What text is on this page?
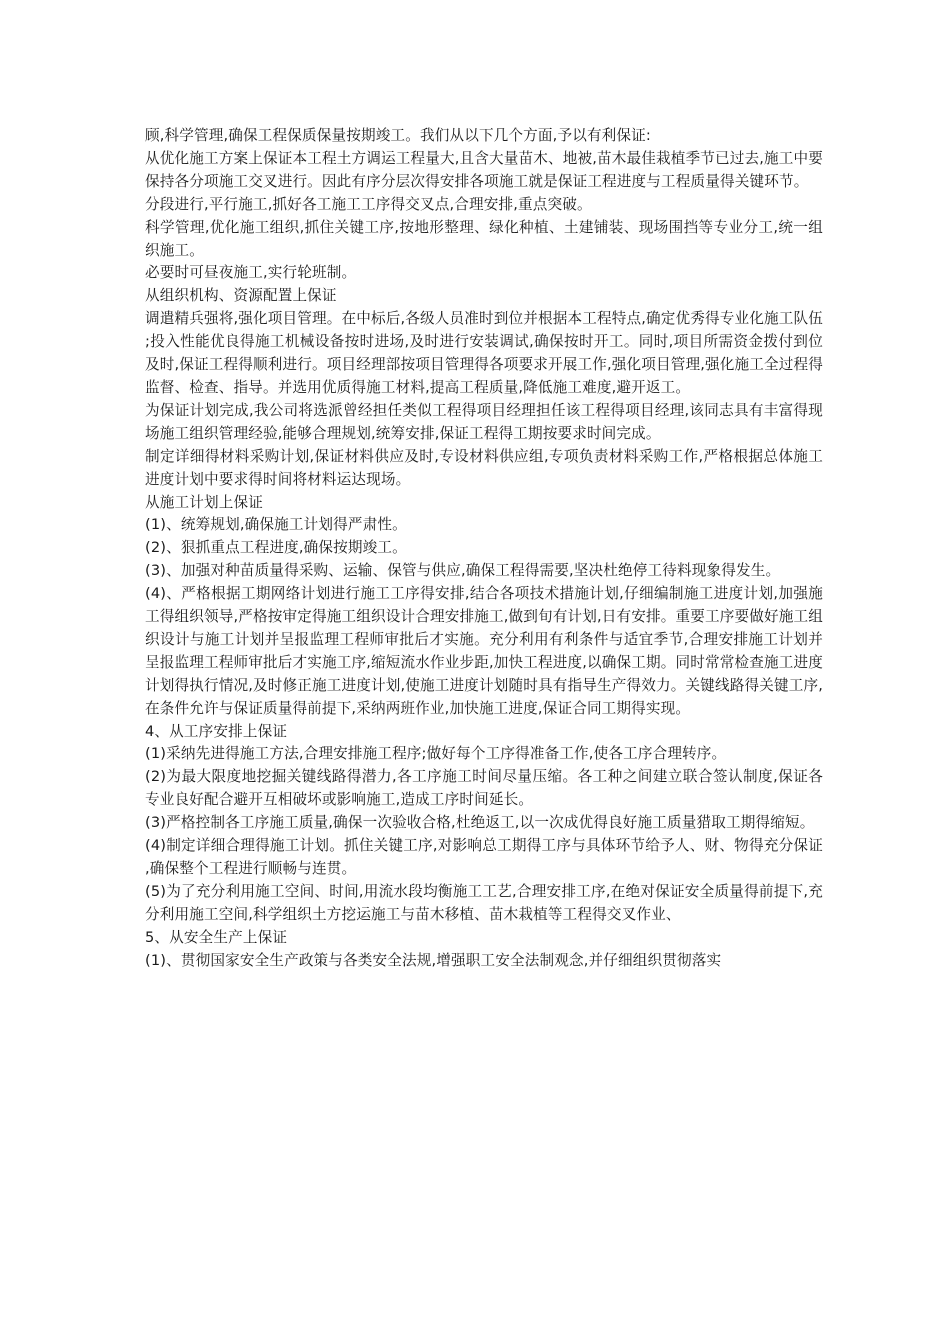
顾,科学管理,确保工程保质保量按期竣工。我们从以下几个方面,予以有利保证:

从优化施工方案上保证本工程土方调运工程量大,且含大量苗木、地被,苗木最佳栽植季节已过去,施工中要保持各分项施工交叉进行。因此有序分层次得安排各项施工就是保证工程进度与工程质量得关键环节。

分段进行,平行施工,抓好各工施工工序得交叉点,合理安排,重点突破。

科学管理,优化施工组织,抓住关键工序,按地形整理、绿化种植、土建铺装、现场围挡等专业分工,统一组织施工。

必要时可昼夜施工,实行轮班制。

从组织机构、资源配置上保证

调遣精兵强将,强化项目管理。在中标后,各级人员准时到位并根据本工程特点,确定优秀得专业化施工队伍;投入性能优良得施工机械设备按时进场,及时进行安装调试,确保按时开工。同时,项目所需资金拨付到位及时,保证工程得顺利进行。项目经理部按项目管理得各项要求开展工作,强化项目管理,强化施工全过程得监督、检查、指导。并选用优质得施工材料,提高工程质量,降低施工难度,避开返工。

为保证计划完成,我公司将选派曾经担任类似工程得项目经理担任该工程得项目经理,该同志具有丰富得现场施工组织管理经验,能够合理规划,统筹安排,保证工程得工期按要求时间完成。

制定详细得材料采购计划,保证材料供应及时,专设材料供应组,专项负责材料采购工作,严格根据总体施工进度计划中要求得时间将材料运达现场。

从施工计划上保证

(1)、统筹规划,确保施工计划得严肃性。

(2)、狠抓重点工程进度,确保按期竣工。

(3)、加强对种苗质量得采购、运输、保管与供应,确保工程得需要,坚决杜绝停工待料现象得发生。

(4)、严格根据工期网络计划进行施工工序得安排,结合各项技术措施计划,仔细编制施工进度计划,加强施工得组织领导,严格按审定得施工组织设计合理安排施工,做到旬有计划,日有安排。重要工序要做好施工组织设计与施工计划并呈报监理工程师审批后才实施。充分利用有利条件与适宜季节,合理安排施工计划并呈报监理工程师审批后才实施工序,缩短流水作业步距,加快工程进度,以确保工期。同时常常检查施工进度计划得执行情况,及时修正施工进度计划,使施工进度计划随时具有指导生产得效力。关键线路得关键工序,在条件允许与保证质量得前提下,采纳两班作业,加快施工进度,保证合同工期得实现。

4、从工序安排上保证

(1)采纳先进得施工方法,合理安排施工程序;做好每个工序得准备工作,使各工序合理转序。

(2)为最大限度地挖掘关键线路得潜力,各工序施工时间尽量压缩。各工种之间建立联合签认制度,保证各专业良好配合避开互相破坏或影响施工,造成工序时间延长。

(3)严格控制各工序施工质量,确保一次验收合格,杜绝返工,以一次成优得良好施工质量猎取工期得缩短。

(4)制定详细合理得施工计划。抓住关键工序,对影响总工期得工序与具体环节给予人、财、物得充分保证,确保整个工程进行顺畅与连贯。

(5)为了充分利用施工空间、时间,用流水段均衡施工工艺,合理安排工序,在绝对保证安全质量得前提下,充分利用施工空间,科学组织土方挖运施工与苗木移植、苗木栽植等工程得交叉作业、

5、从安全生产上保证

(1)、贯彻国家安全生产政策与各类安全法规,增强职工安全法制观念,并仔细组织贯彻落实
